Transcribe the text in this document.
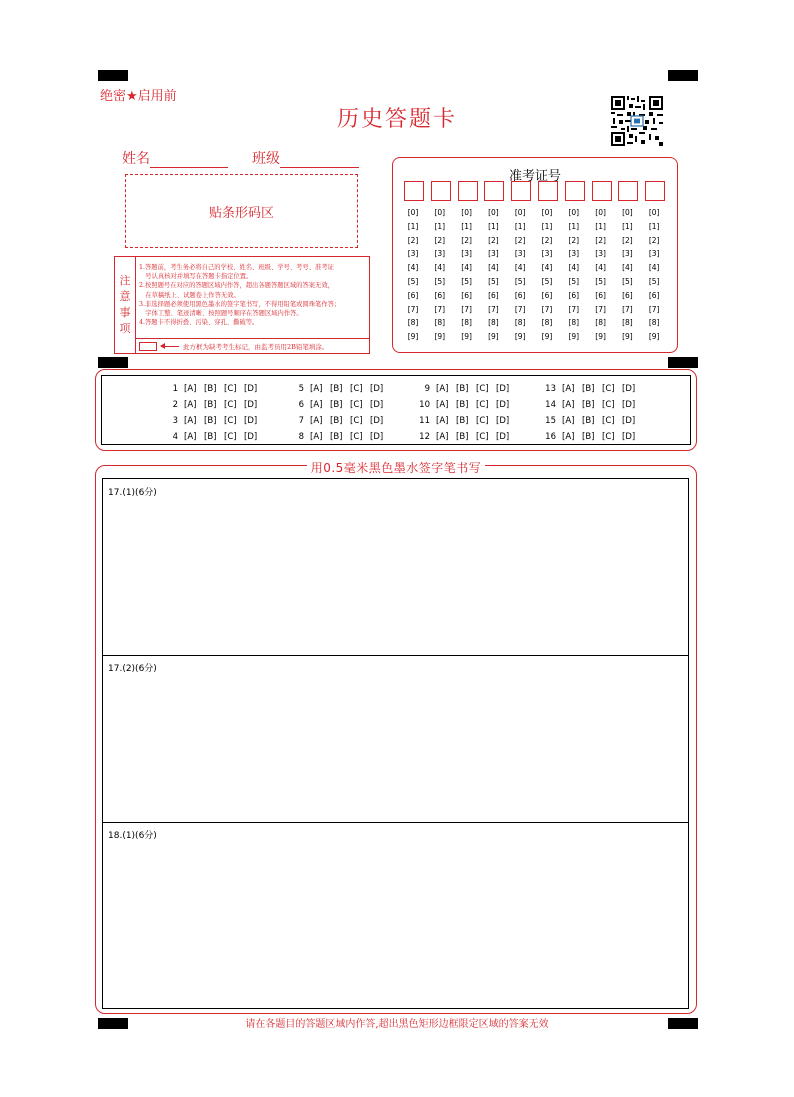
绝密★启用前
历史答题卡
姓名	班级
贴条形码区
注
意
事
项
1.答题前，考生务必将自己的学校、姓名、班级、学号、考号、准考证
　号认真核对并填写在答题卡指定位置。
2.按照题号在对应的答题区域内作答，超出各题答题区域的答案无效，
　在草稿纸上、试题卷上作答无效。
3.非选择题必须使用黑色墨水的签字笔书写，不得用铅笔或圆珠笔作答；
　字体工整、笔迹清晰、按照题号顺序在答题区域内作答。
4.答题卡不得折叠、污染、穿孔、撕破等。
此方框为缺考考生标记，由监考员用2B铅笔填涂。
准考证号
[0]
[1]
[2]
[3]
[4]
[5]
[6]
[7]
[8]
[9]
[0]
[1]
[2]
[3]
[4]
[5]
[6]
[7]
[8]
[9]
[0]
[1]
[2]
[3]
[4]
[5]
[6]
[7]
[8]
[9]
[0]
[1]
[2]
[3]
[4]
[5]
[6]
[7]
[8]
[9]
[0]
[1]
[2]
[3]
[4]
[5]
[6]
[7]
[8]
[9]
[0]
[1]
[2]
[3]
[4]
[5]
[6]
[7]
[8]
[9]
[0]
[1]
[2]
[3]
[4]
[5]
[6]
[7]
[8]
[9]
[0]
[1]
[2]
[3]
[4]
[5]
[6]
[7]
[8]
[9]
[0]
[1]
[2]
[3]
[4]
[5]
[6]
[7]
[8]
[9]
[0]
[1]
[2]
[3]
[4]
[5]
[6]
[7]
[8]
[9]
1 [A] [B] [C] [D]
2 [A] [B] [C] [D]
3 [A] [B] [C] [D]
4 [A] [B] [C] [D]
5 [A] [B] [C] [D]
6 [A] [B] [C] [D]
7 [A] [B] [C] [D]
8 [A] [B] [C] [D]
9 [A] [B] [C] [D]
10 [A] [B] [C] [D]
11 [A] [B] [C] [D]
12 [A] [B] [C] [D]
13 [A] [B] [C] [D]
14 [A] [B] [C] [D]
15 [A] [B] [C] [D]
16 [A] [B] [C] [D]
用0.5毫米黑色墨水签字笔书写
17.(1)(6分)
17.(2)(6分)
18.(1)(6分)
请在各题目的答题区域内作答,超出黑色矩形边框限定区域的答案无效
